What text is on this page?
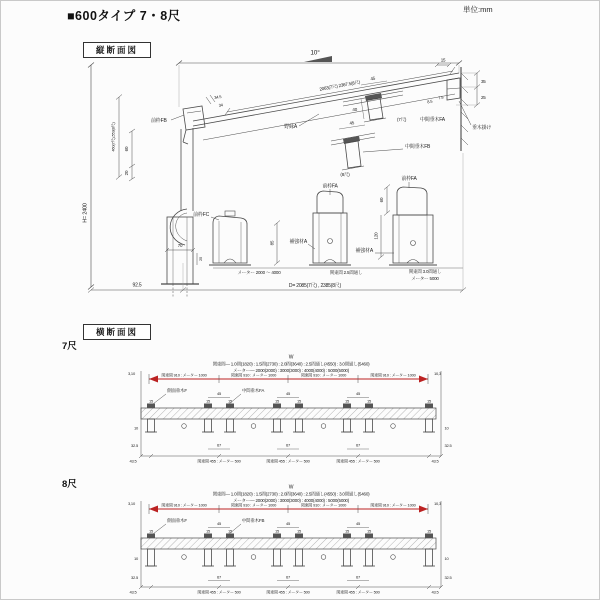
■600タイプ 7・8尺	単位:mm
縦断面図
横断面図
7尺
8尺
10°
2063(7尺) 2367.5(8尺)
34.5
34
前枠FB
460(7尺),553(8尺) 60
20
H= 2400
70
25
野縁A
45
40
(7尺)	中間垂木FA
45
中間垂木FB
(8尺)
15
35
25
8.5
7.5
垂木掛け
前枠FC
85
前枠FA
補強材A
前枠FA
60
120
補強材A
92.5
メーター 2000 〜 4000	関東間 2.5間通し	関東間 3.0間通し
メーター 5000
D= 2085(7尺) , 2385(8尺)
関東間— 1.0間(1820) : 1.5間(2730) : 2.0間(3640) : 2.5間通し(4550) : 3.0間通し(5460)
メーター— 2000(2000) : 3000(3000) : 4000(4000) : 5000(5000)
W
3,10	10,3
関東間 910 : メーター 1000	関東間 910 : メーター 1000	関東間 910 : メーター 1000	関東間 910 : メーター 1000
側面垂木F	中間垂木FA
45	45	45
15	15	15	15	15	15	15	15
10	10
32.5	32.5
67	67	67
43.5	43.5
関東間 455 : メーター 500	関東間 455 : メーター 500	関東間 455 : メーター 500
関東間— 1.0間(1820) : 1.5間(2730) : 2.0間(3640) : 2.5間通し(4550) : 3.0間通し(5460)
メーター— 2000(2000) : 3000(3000) : 4000(4000) : 5000(5000)
W
3,10	10,3
関東間 910 : メーター 1000	関東間 910 : メーター 1000	関東間 910 : メーター 1000	関東間 910 : メーター 1000
側面垂木F	中間垂木FB
45	45	45
15	15	15	15	15	15	15	15
10	10
32.5	32.5
67	67	67
43.5	43.5
関東間 455 : メーター 500	関東間 455 : メーター 500	関東間 455 : メーター 500
